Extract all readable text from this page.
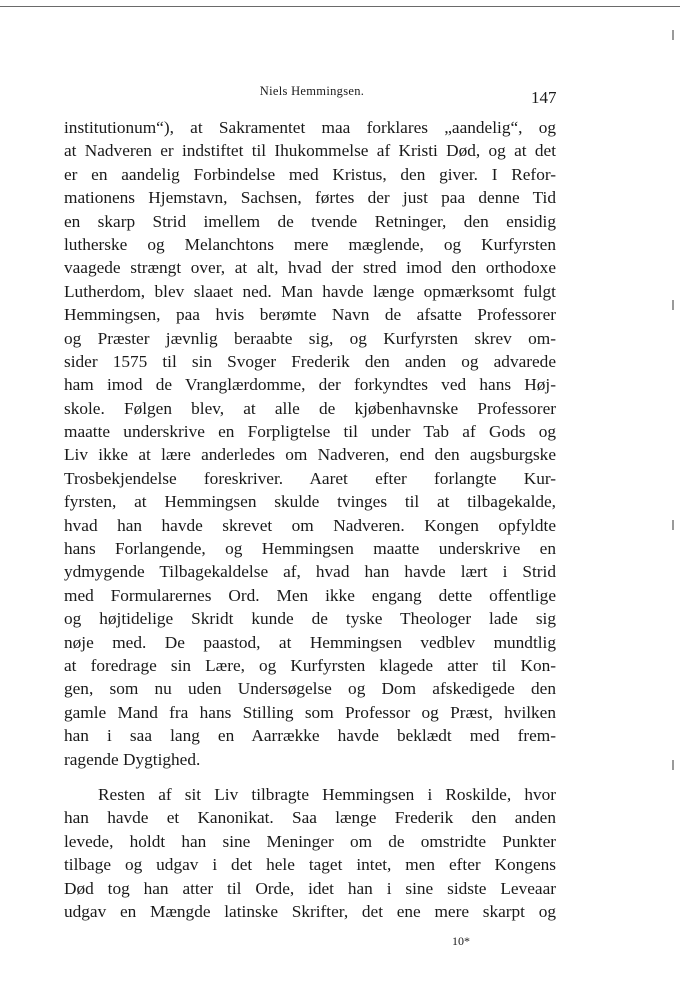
Niels Hemmingsen.	147
institutionum“), at Sakramentet maa forklares „aandelig“, og
at Nadveren er indstiftet til Ihukommelse af Kristi Død, og at det
er en aandelig Forbindelse med Kristus, den giver. I Refor-
mationens Hjemstavn, Sachsen, førtes der just paa denne Tid
en skarp Strid imellem de tvende Retninger, den ensidig
lutherske og Melanchtons mere mæglende, og Kurfyrsten
vaagede strængt over, at alt, hvad der stred imod den orthodoxe
Lutherdom, blev slaaet ned. Man havde længe opmærksomt fulgt
Hemmingsen, paa hvis berømte Navn de afsatte Professorer
og Præster jævnlig beraabte sig, og Kurfyrsten skrev om-
sider 1575 til sin Svoger Frederik den anden og advarede
ham imod de Vranglærdomme, der forkyndtes ved hans Høj-
skole. Følgen blev, at alle de kjøbenhavnske Professorer
maatte underskrive en Forpligtelse til under Tab af Gods og
Liv ikke at lære anderledes om Nadveren, end den augsburgske
Trosbekjendelse foreskriver. Aaret efter forlangte Kur-
fyrsten, at Hemmingsen skulde tvinges til at tilbagekalde,
hvad han havde skrevet om Nadveren. Kongen opfyldte
hans Forlangende, og Hemmingsen maatte underskrive en
ydmygende Tilbagekaldelse af, hvad han havde lært i Strid
med Formularernes Ord. Men ikke engang dette offentlige
og højtidelige Skridt kunde de tyske Theologer lade sig
nøje med. De paastod, at Hemmingsen vedblev mundtlig
at foredrage sin Lære, og Kurfyrsten klagede atter til Kon-
gen, som nu uden Undersøgelse og Dom afskedigede den
gamle Mand fra hans Stilling som Professor og Præst, hvilken
han i saa lang en Aarrække havde beklædt med frem-
ragende Dygtighed.
Resten af sit Liv tilbragte Hemmingsen i Roskilde, hvor
han havde et Kanonikat. Saa længe Frederik den anden
levede, holdt han sine Meninger om de omstridte Punkter
tilbage og udgav i det hele taget intet, men efter Kongens
Død tog han atter til Orde, idet han i sine sidste Leveaar
udgav en Mængde latinske Skrifter, det ene mere skarpt og
10*
